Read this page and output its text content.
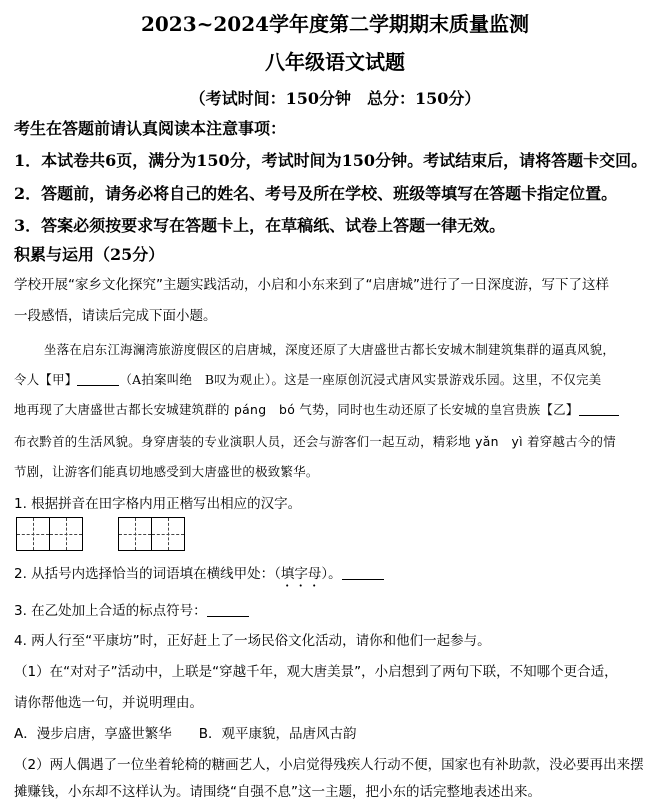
2023~2024学年度第二学期期末质量监测
八年级语文试题
（考试时间：150分钟　总分：150分）
考生在答题前请认真阅读本注意事项：
1．本试卷共6页，满分为150分，考试时间为150分钟。考试结束后，请将答题卡交回。
2．答题前，请务必将自己的姓名、考号及所在学校、班级等填写在答题卡指定位置。
3．答案必须按要求写在答题卡上，在草稿纸、试卷上答题一律无效。
积累与运用（25分）
学校开展“家乡文化探究”主题实践活动，小启和小东来到了“启唐城”进行了一日深度游，写下了这样
一段感悟，请读后完成下面小题。
坐落在启东江海澜湾旅游度假区的启唐城，深度还原了大唐盛世古都长安城木制建筑集群的逼真风貌，
令人【甲】	（A拍案叫绝　B叹为观止）。这是一座原创沉浸式唐风实景游戏乐园。这里，不仅完美
地再现了大唐盛世古都长安城建筑群的 páng　bó 气势，同时也生动还原了长安城的皇宫贵族【乙】
布衣黔首的生活风貌。身穿唐装的专业演职人员，还会与游客们一起互动，精彩地 yǎn　yì 着穿越古今的情
节剧，让游客们能真切地感受到大唐盛世的极致繁华。
1. 根据拼音在田字格内用正楷写出相应的汉字。
2. 从括号内选择恰当的词语填在横线甲处：（填字母）。
3. 在乙处加上合适的标点符号：
4. 两人行至“平康坊”时，正好赶上了一场民俗文化活动，请你和他们一起参与。
（1）在“对对子”活动中，上联是“穿越千年，观大唐美景”，小启想到了两句下联，不知哪个更合适，
请你帮他选一句，并说明理由。
A．漫步启唐，享盛世繁华　　B．观平康貌，品唐风古韵
（2）两人偶遇了一位坐着轮椅的糖画艺人，小启觉得残疾人行动不便，国家也有补助款，没必要再出来摆
摊赚钱，小东却不这样认为。请围绕“自强不息”这一主题，把小东的话完整地表述出来。
